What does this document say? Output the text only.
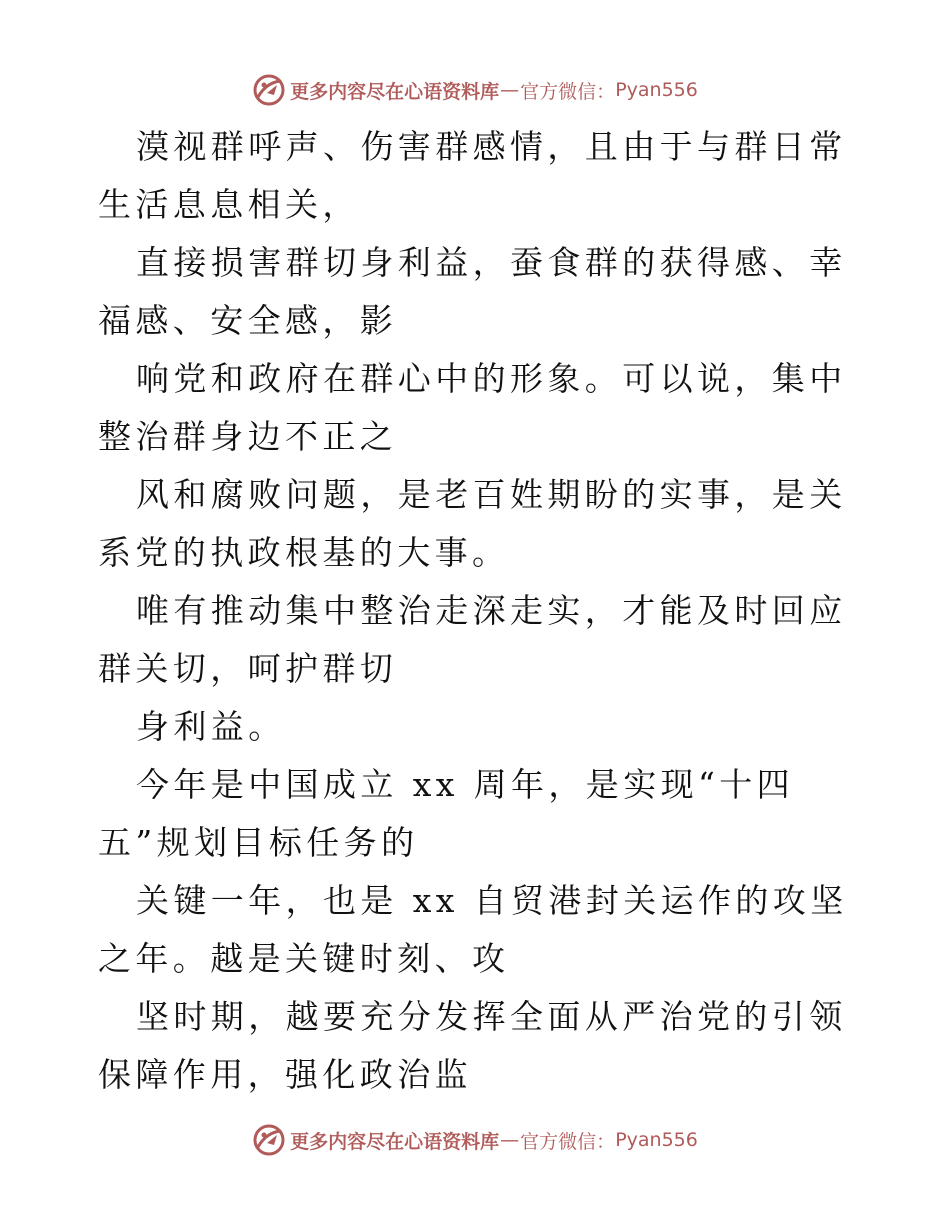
更多内容尽在心语资料库 — 官方微信： Pyan556

漠视群呼声、伤害群感情，且由于与群日常生活息息相关，

直接损害群切身利益，蚕食群的获得感、幸福感、安全感，影

响党和政府在群心中的形象。可以说，集中整治群身边不正之

风和腐败问题，是老百姓期盼的实事，是关系党的执政根基的大事。

唯有推动集中整治走深走实，才能及时回应群关切，呵护群切

身利益。

今年是中国成立 xx 周年，是实现“十四五”规划目标任务的

关键一年，也是 xx 自贸港封关运作的攻坚之年。越是关键时刻、攻

坚时期，越要充分发挥全面从严治党的引领保障作用，强化政治监

更多内容尽在心语资料库 — 官方微信： Pyan556
